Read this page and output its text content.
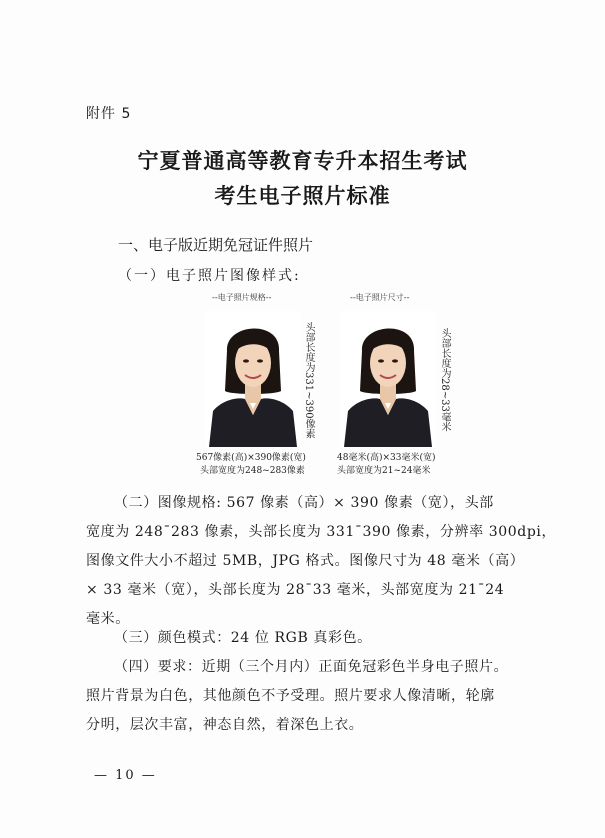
附件 5
宁夏普通高等教育专升本招生考试
考生电子照片标准
一、电子版近期免冠证件照片
（一）电子照片图像样式:
--电子照片规格--	--电子照片尺寸--
头部长度为331~390像素	头部长度为28~33毫米
567像素(高)×390像素(宽)
头部宽度为248~283像素
48毫米(高)×33毫米(宽)
头部宽度为21~24毫米
（二）图像规格: 567 像素（高）× 390 像素（宽），头部
宽度为 248¯283 像素，头部长度为 331¯390 像素，分辨率 300dpi，
图像文件大小不超过 5MB，JPG 格式。图像尺寸为 48 毫米（高）
× 33 毫米（宽），头部长度为 28¯33 毫米，头部宽度为 21¯24
毫米。
（三）颜色模式：24 位 RGB 真彩色。
（四）要求：近期（三个月内）正面免冠彩色半身电子照片。
照片背景为白色，其他颜色不予受理。照片要求人像清晰，轮廓
分明，层次丰富，神态自然，着深色上衣。
— 10 —
